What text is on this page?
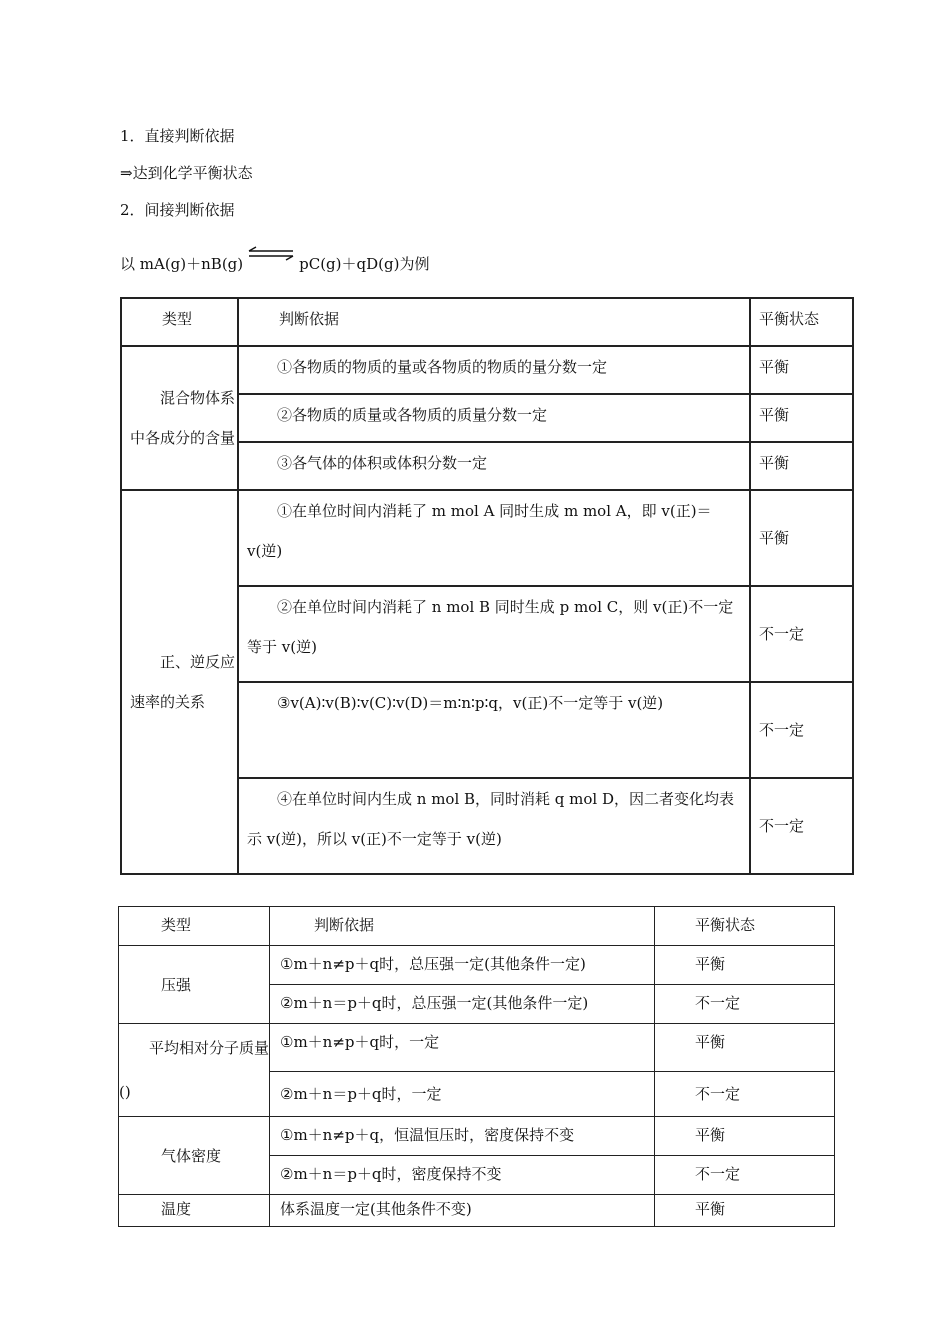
1．直接判断依据
⇒达到化学平衡状态
2．间接判断依据
以 mA(g)＋nB(g) ⇌ pC(g)＋qD(g)为例
类型	判断依据	平衡状态
混合物体系中各成分的含量	①各物质的物质的量或各物质的物质的量分数一定	平衡
	②各物质的质量或各物质的质量分数一定	平衡
	③各气体的体积或体积分数一定	平衡
正、逆反应速率的关系	①在单位时间内消耗了 m mol A 同时生成 m mol A，即 v(正)＝v(逆)	平衡
	②在单位时间内消耗了 n mol B 同时生成 p mol C，则 v(正)不一定等于 v(逆)	不一定
	③v(A)∶v(B)∶v(C)∶v(D)＝m∶n∶p∶q，v(正)不一定等于 v(逆)	不一定
	④在单位时间内生成 n mol B，同时消耗 q mol D，因二者变化均表示 v(逆)，所以 v(正)不一定等于 v(逆)	不一定
类型	判断依据	平衡状态
压强	①m＋n≠p＋q时，总压强一定(其他条件一定)	平衡
	②m＋n＝p＋q时，总压强一定(其他条件一定)	不一定
平均相对分子质量()	①m＋n≠p＋q时，一定	平衡
	②m＋n＝p＋q时，一定	不一定
气体密度	①m＋n≠p＋q，恒温恒压时，密度保持不变	平衡
	②m＋n＝p＋q时，密度保持不变	不一定
温度	体系温度一定(其他条件不变)	平衡
